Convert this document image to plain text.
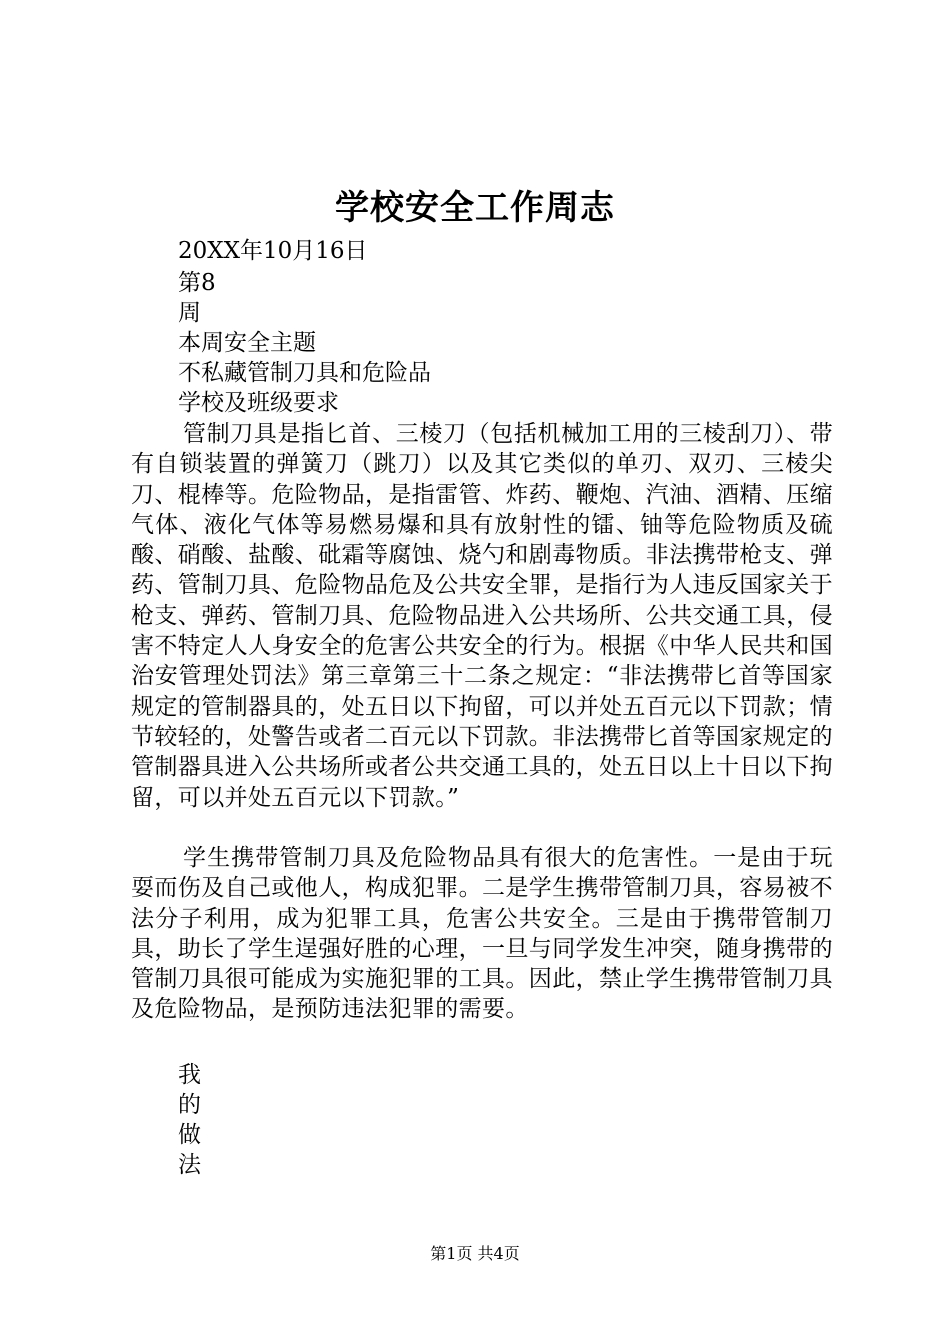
学校安全工作周志
20XX年10月16日
第8
周
本周安全主题
不私藏管制刀具和危险品
学校及班级要求
管制刀具是指匕首、三棱刀（包括机械加工用的三棱刮刀）、带有自锁装置的弹簧刀（跳刀）以及其它类似的单刃、双刃、三棱尖刀、棍棒等。危险物品，是指雷管、炸药、鞭炮、汽油、酒精、压缩气体、液化气体等易燃易爆和具有放射性的镭、铀等危险物质及硫酸、硝酸、盐酸、砒霜等腐蚀、烧勺和剧毒物质。非法携带枪支、弹药、管制刀具、危险物品危及公共安全罪，是指行为人违反国家关于枪支、弹药、管制刀具、危险物品进入公共场所、公共交通工具，侵害不特定人人身安全的危害公共安全的行为。根据《中华人民共和国治安管理处罚法》第三章第三十二条之规定：“非法携带匕首等国家规定的管制器具的，处五日以下拘留，可以并处五百元以下罚款；情节较轻的，处警告或者二百元以下罚款。非法携带匕首等国家规定的管制器具进入公共场所或者公共交通工具的，处五日以上十日以下拘留，可以并处五百元以下罚款。”
学生携带管制刀具及危险物品具有很大的危害性。一是由于玩耍而伤及自己或他人，构成犯罪。二是学生携带管制刀具，容易被不法分子利用，成为犯罪工具，危害公共安全。三是由于携带管制刀具，助长了学生逞强好胜的心理，一旦与同学发生冲突，随身携带的管制刀具很可能成为实施犯罪的工具。因此，禁止学生携带管制刀具及危险物品，是预防违法犯罪的需要。
我
的
做
法
第1页 共4页
